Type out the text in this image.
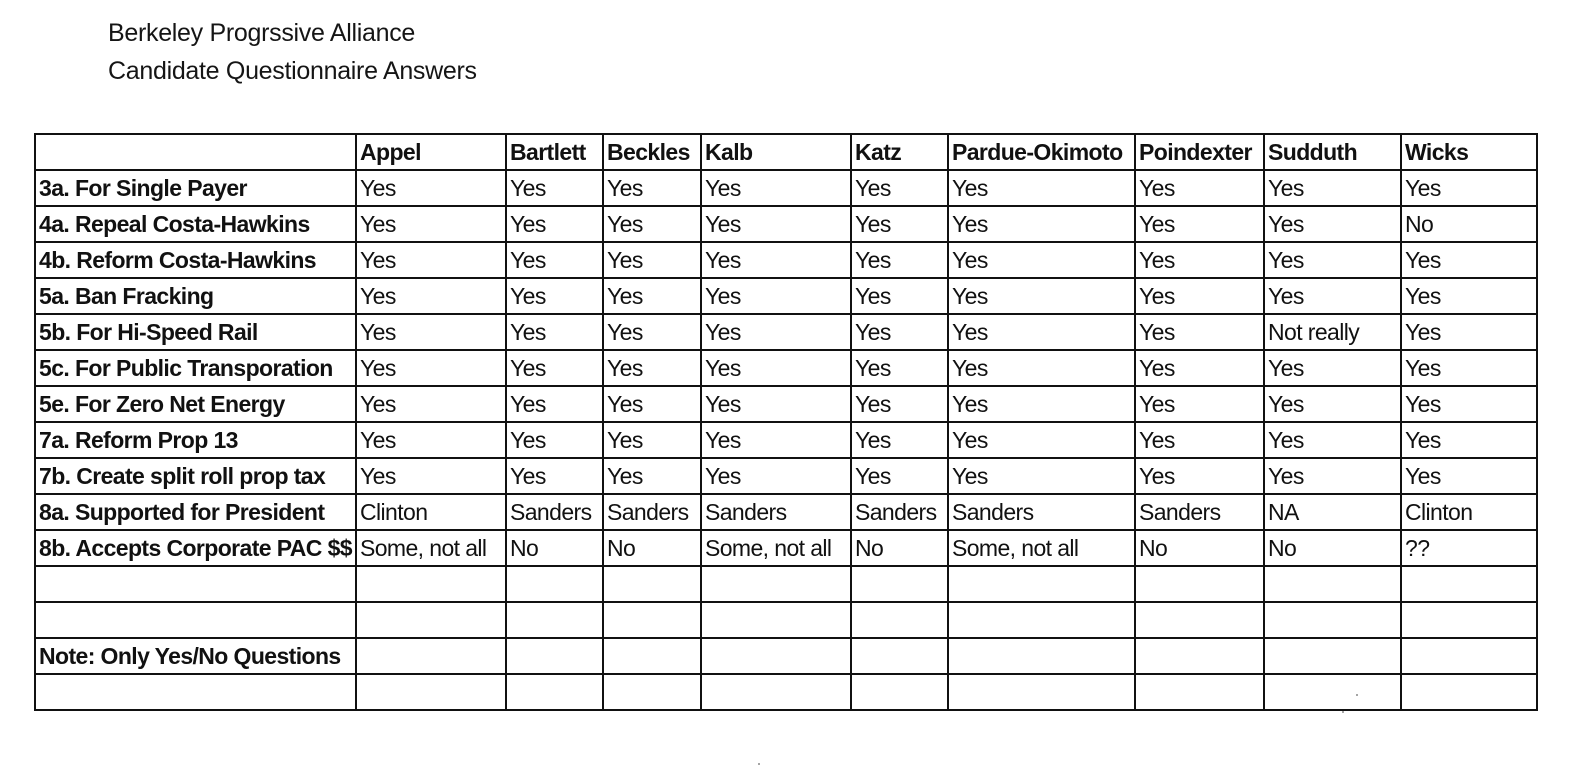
Berkeley Progrssive Alliance
Candidate Questionnaire Answers
	Appel	Bartlett	Beckles	Kalb	Katz	Pardue-Okimoto	Poindexter	Sudduth	Wicks
3a. For Single Payer	Yes	Yes	Yes	Yes	Yes	Yes	Yes	Yes	Yes
4a. Repeal Costa-Hawkins	Yes	Yes	Yes	Yes	Yes	Yes	Yes	Yes	No
4b. Reform Costa-Hawkins	Yes	Yes	Yes	Yes	Yes	Yes	Yes	Yes	Yes
5a. Ban Fracking	Yes	Yes	Yes	Yes	Yes	Yes	Yes	Yes	Yes
5b. For Hi-Speed Rail	Yes	Yes	Yes	Yes	Yes	Yes	Yes	Not really	Yes
5c. For Public Transporation	Yes	Yes	Yes	Yes	Yes	Yes	Yes	Yes	Yes
5e. For Zero Net Energy	Yes	Yes	Yes	Yes	Yes	Yes	Yes	Yes	Yes
7a. Reform Prop 13	Yes	Yes	Yes	Yes	Yes	Yes	Yes	Yes	Yes
7b. Create split roll prop tax	Yes	Yes	Yes	Yes	Yes	Yes	Yes	Yes	Yes
8a. Supported for President	Clinton	Sanders	Sanders	Sanders	Sanders	Sanders	Sanders	NA	Clinton
8b. Accepts Corporate PAC $$	Some, not all	No	No	Some, not all	No	Some, not all	No	No	??

Note: Only Yes/No Questions									
